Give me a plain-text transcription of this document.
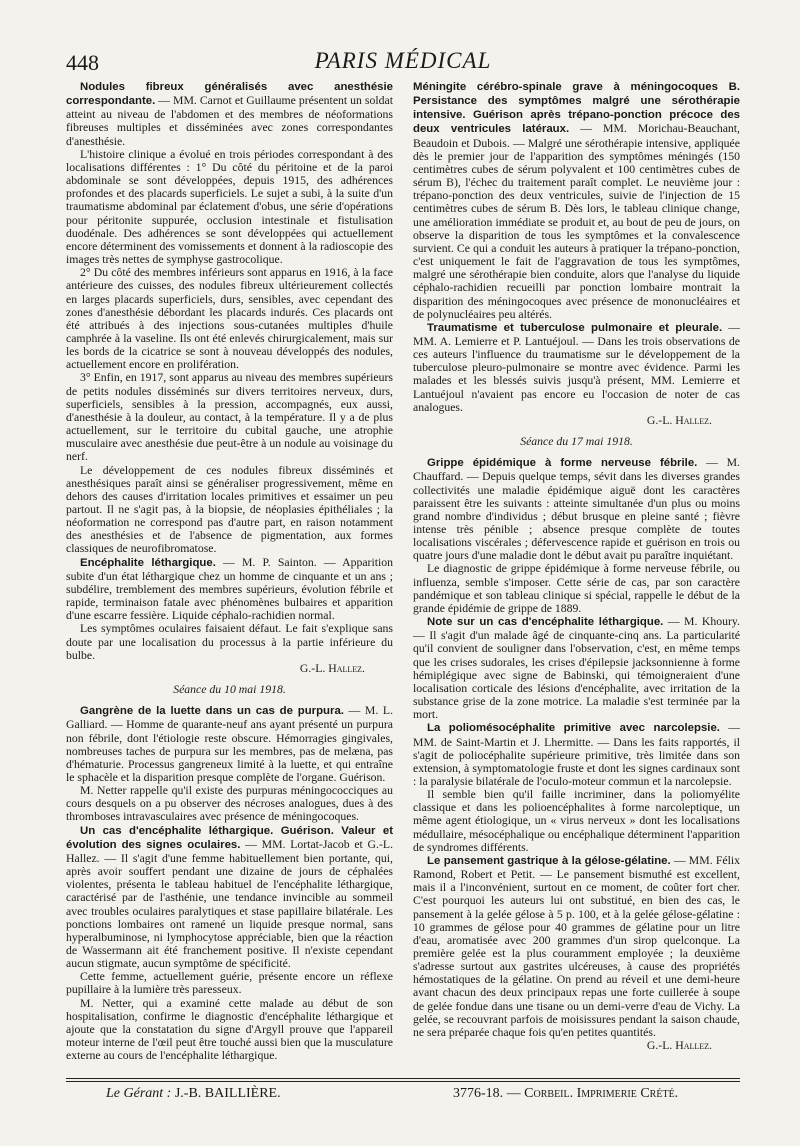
448	PARIS MÉDICAL

Nodules fibreux généralisés avec anesthésie correspondante. — MM. Carnot et Guillaume présentent un soldat atteint au niveau de l'abdomen et des membres de néoformations fibreuses multiples et disséminées avec zones correspondantes d'anesthésie.

L'histoire clinique a évolué en trois périodes correspondant à des localisations différentes : 1° Du côté du péritoine et de la paroi abdominale se sont développées, depuis 1915, des adhérences profondes et des placards superficiels. Le sujet a subi, à la suite d'un traumatisme abdominal par éclatement d'obus, une série d'opérations pour péritonite suppurée, occlusion intestinale et fistulisation duodénale. Des adhérences se sont développées qui actuellement encore déterminent des vomissements et donnent à la radioscopie des images très nettes de symphyse gastrocolique.

2° Du côté des membres inférieurs sont apparus en 1916, à la face antérieure des cuisses, des nodules fibreux ultérieurement collectés en larges placards superficiels, durs, sensibles, avec cependant des zones d'anesthésie débordant les placards indurés. Ces placards ont été attribués à des injections sous-cutanées multiples d'huile camphrée à la vaseline. Ils ont été enlevés chirurgicalement, mais sur les bords de la cicatrice se sont à nouveau développés des nodules, actuellement encore en prolifération.

3° Enfin, en 1917, sont apparus au niveau des membres supérieurs de petits nodules disséminés sur divers territoires nerveux, durs, superficiels, sensibles à la pression, accompagnés, eux aussi, d'anesthésie à la douleur, au contact, à la température. Il y a de plus actuellement, sur le territoire du cubital gauche, une atrophie musculaire avec anesthésie due peut-être à un nodule au voisinage du nerf.

Le développement de ces nodules fibreux disséminés et anesthésiques paraît ainsi se généraliser progressivement, même en dehors des causes d'irritation locales primitives et essaimer un peu partout. Il ne s'agit pas, à la biopsie, de néoplasies épithéliales ; la néoformation ne correspond pas d'autre part, en raison notamment des anesthésies et de l'absence de pigmentation, aux formes classiques de neurofibromatose.

Encéphalite léthargique. — M. P. Sainton. — Apparition subite d'un état léthargique chez un homme de cinquante et un ans ; subdélire, tremblement des membres supérieurs, évolution fébrile et rapide, terminaison fatale avec phénomènes bulbaires et apparition d'une escarre fessière. Liquide céphalo-rachidien normal.

Les symptômes oculaires faisaient défaut. Le fait s'explique sans doute par une localisation du processus à la partie inférieure du bulbe.

G.-L. Hallez.
Séance du 10 mai 1918.

Gangrène de la luette dans un cas de purpura. — M. L. Galliard. — Homme de quarante-neuf ans ayant présenté un purpura non fébrile, dont l'étiologie reste obscure. Hémorragies gingivales, nombreuses taches de purpura sur les membres, pas de melæna, pas d'hématurie. Processus gangreneux limité à la luette, et qui entraîne le sphacèle et la disparition presque complète de l'organe. Guérison.

M. Netter rappelle qu'il existe des purpuras méningococciques au cours desquels on a pu observer des nécroses analogues, dues à des thromboses intravasculaires avec présence de méningocoques.

Un cas d'encéphalite léthargique. Guérison. Valeur et évolution des signes oculaires. — MM. Lortat-Jacob et G.-L. Hallez. — Il s'agit d'une femme habituellement bien portante, qui, après avoir souffert pendant une dizaine de jours de céphalées violentes, présenta le tableau habituel de l'encéphalite léthargique, caractérisé par de l'asthénie, une tendance invincible au sommeil avec troubles oculaires paralytiques et stase papillaire bilatérale. Les ponctions lombaires ont ramené un liquide presque normal, sans hyperalbuminose, ni lymphocytose appréciable, bien que la réaction de Wassermann ait été franchement positive. Il n'existe cependant aucun stigmate, aucun symptôme de spécificité.

Cette femme, actuellement guérie, présente encore un réflexe pupillaire à la lumière très paresseux.

M. Netter, qui a examiné cette malade au début de son hospitalisation, confirme le diagnostic d'encéphalite léthargique et ajoute que la constatation du signe d'Argyll prouve que l'appareil moteur interne de l'œil peut être touché aussi bien que la musculature externe au cours de l'encéphalite léthargique.

Méningite cérébro-spinale grave à méningocoques B. Persistance des symptômes malgré une sérothérapie intensive. Guérison après trépano-ponction précoce des deux ventricules latéraux. — MM. Morichau-Beauchant, Beaudoin et Dubois. — Malgré une sérothérapie intensive, appliquée dès le premier jour de l'apparition des symptômes méningés (150 centimètres cubes de sérum polyvalent et 100 centimètres cubes de sérum B), l'échec du traitement paraît complet. Le neuvième jour : trépano-ponction des deux ventricules, suivie de l'injection de 15 centimètres cubes de sérum B. Dès lors, le tableau clinique change, une amélioration immédiate se produit et, au bout de peu de jours, on observe la disparition de tous les symptômes et la convalescence survient. Ce qui a conduit les auteurs à pratiquer la trépano-ponction, c'est uniquement le fait de l'aggravation de tous les symptômes, malgré une sérothérapie bien conduite, alors que l'analyse du liquide céphalo-rachidien recueilli par ponction lombaire montrait la disparition des méningocoques avec présence de mononucléaires et de polynucléaires peu altérés.

Traumatisme et tuberculose pulmonaire et pleurale. — MM. A. Lemierre et P. Lantuéjoul. — Dans les trois observations de ces auteurs l'influence du traumatisme sur le développement de la tuberculose pleuro-pulmonaire se montre avec évidence. Parmi les malades et les blessés suivis jusqu'à présent, MM. Lemierre et Lantuéjoul n'avaient pas encore eu l'occasion de noter de cas analogues.

G.-L. Hallez.
Séance du 17 mai 1918.

Grippe épidémique à forme nerveuse fébrile. — M. Chauffard. — Depuis quelque temps, sévit dans les diverses grandes collectivités une maladie épidémique aiguë dont les caractères paraissent être les suivants : atteinte simultanée d'un plus ou moins grand nombre d'individus ; début brusque en pleine santé ; fièvre intense très pénible ; absence presque complète de toutes localisations viscérales ; défervescence rapide et guérison en trois ou quatre jours d'une maladie dont le début avait pu paraître inquiétant.

Le diagnostic de grippe épidémique à forme nerveuse fébrile, ou influenza, semble s'imposer. Cette série de cas, par son caractère pandémique et son tableau clinique si spécial, rappelle le début de la grande épidémie de grippe de 1889.

Note sur un cas d'encéphalite léthargique. — M. Khoury. — Il s'agit d'un malade âgé de cinquante-cinq ans. La particularité qu'il convient de souligner dans l'observation, c'est, en même temps que les crises sudorales, les crises d'épilepsie jacksonnienne à forme hémiplégique avec signe de Babinski, qui témoigneraient d'une localisation corticale des lésions d'encéphalite, avec irritation de la substance grise de la zone motrice. La maladie s'est terminée par la mort.

La poliomésocéphalite primitive avec narcolepsie. — MM. de Saint-Martin et J. Lhermitte. — Dans les faits rapportés, il s'agit de poliocéphalite supérieure primitive, très limitée dans son extension, à symptomatologie fruste et dont les signes cardinaux sont : la paralysie bilatérale de l'oculo-moteur commun et la narcolepsie.

Il semble bien qu'il faille incriminer, dans la poliomyélite classique et dans les polioencéphalites à forme narcoleptique, un même agent étiologique, un « virus nerveux » dont les localisations médullaire, mésocéphalique ou encéphalique déterminent l'apparition de syndromes différents.

Le pansement gastrique à la gélose-gélatine. — MM. Félix Ramond, Robert et Petit. — Le pansement bismuthé est excellent, mais il a l'inconvénient, surtout en ce moment, de coûter fort cher. C'est pourquoi les auteurs lui ont substitué, en bien des cas, le pansement à la gelée gélose à 5 p. 100, et à la gelée gélose-gélatine : 10 grammes de gélose pour 40 grammes de gélatine pour un litre d'eau, aromatisée avec 200 grammes d'un sirop quelconque. La première gelée est la plus couramment employée ; la deuxième s'adresse surtout aux gastrites ulcéreuses, à cause des propriétés hémostatiques de la gélatine. On prend au réveil et une demi-heure avant chacun des deux principaux repas une forte cuillerée à soupe de gelée fondue dans une tisane ou un demi-verre d'eau de Vichy. La gelée, se recouvrant parfois de moisissures pendant la saison chaude, ne sera préparée chaque fois qu'en petites quantités.

G.-L. Hallez.
Le Gérant : J.-B. BAILLIÈRE.	3776-18. — Corbeil. Imprimerie Crété.
